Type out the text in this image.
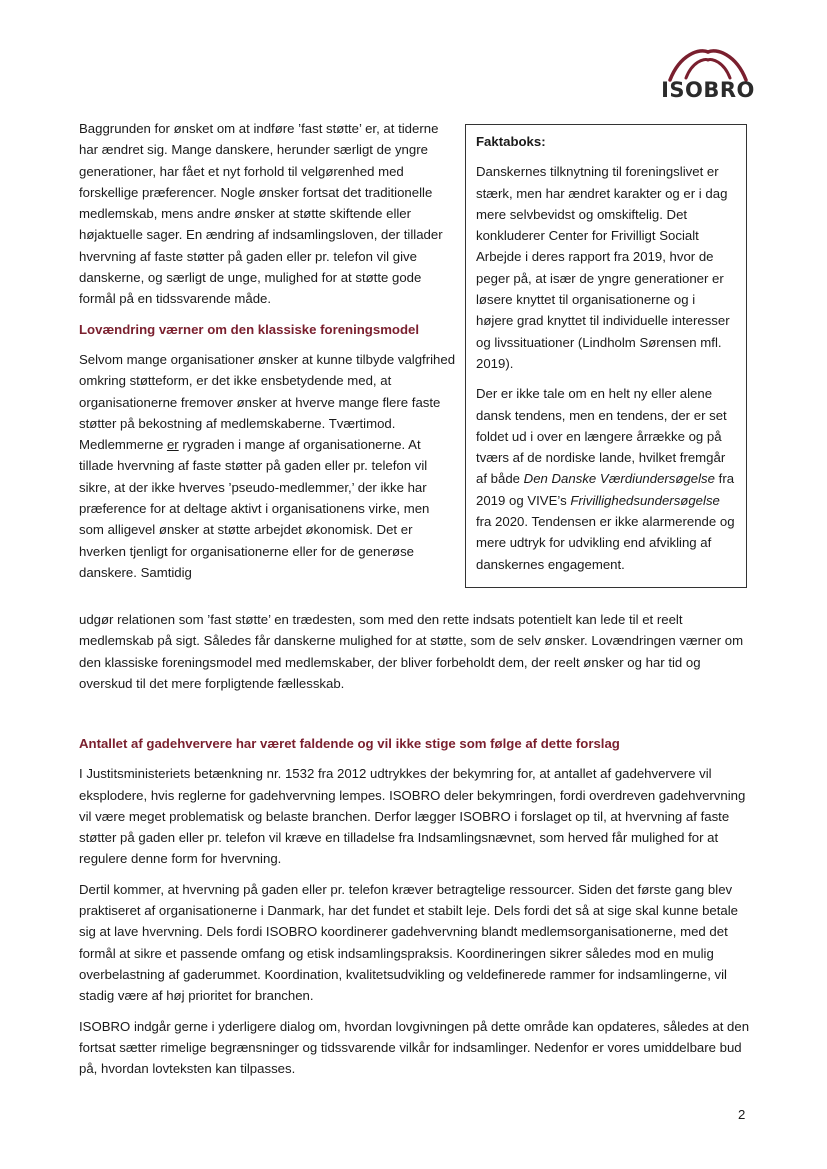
ISOBRO

Baggrunden for ønsket om at indføre ’fast støtte’ er, at tiderne har ændret sig. Mange danskere, herunder særligt de yngre generationer, har fået et nyt forhold til velgørenhed med forskellige præferencer. Nogle ønsker fortsat det traditionelle medlemskab, mens andre ønsker at støtte skiftende eller højaktuelle sager. En ændring af indsamlingsloven, der tillader hvervning af faste støtter på gaden eller pr. telefon vil give danskerne, og særligt de unge, mulighed for at støtte gode formål på en tidssvarende måde.

Lovændring værner om den klassiske foreningsmodel

Selvom mange organisationer ønsker at kunne tilbyde valgfrihed omkring støtteform, er det ikke ensbetydende med, at organisationerne fremover ønsker at hverve mange flere faste støtter på bekostning af medlemskaberne. Tværtimod. Medlemmerne er rygraden i mange af organisationerne. At tillade hvervning af faste støtter på gaden eller pr. telefon vil sikre, at der ikke hverves ’pseudo-medlemmer,’ der ikke har præference for at deltage aktivt i organisationens virke, men som alligevel ønsker at støtte arbejdet økonomisk. Det er hverken tjenligt for organisationerne eller for de generøse danskere. Samtidig

Faktaboks:

Danskernes tilknytning til foreningslivet er stærk, men har ændret karakter og er i dag mere selvbevidst og omskiftelig. Det konkluderer Center for Frivilligt Socialt Arbejde i deres rapport fra 2019, hvor de peger på, at især de yngre generationer er løsere knyttet til organisationerne og i højere grad knyttet til individuelle interesser og livssituationer (Lindholm Sørensen mfl. 2019).

Der er ikke tale om en helt ny eller alene dansk tendens, men en tendens, der er set foldet ud i over en længere årrække og på tværs af de nordiske lande, hvilket fremgår af både Den Danske Værdiundersøgelse fra 2019 og VIVE’s Frivillighedsundersøgelse fra 2020. Tendensen er ikke alarmerende og mere udtryk for udvikling end afvikling af danskernes engagement.

udgør relationen som ’fast støtte’ en trædesten, som med den rette indsats potentielt kan lede til et reelt medlemskab på sigt. Således får danskerne mulighed for at støtte, som de selv ønsker. Lovændringen værner om den klassiske foreningsmodel med medlemskaber, der bliver forbeholdt dem, der reelt ønsker og har tid og overskud til det mere forpligtende fællesskab.

Antallet af gadehververe har været faldende og vil ikke stige som følge af dette forslag

I Justitsministeriets betænkning nr. 1532 fra 2012 udtrykkes der bekymring for, at antallet af gadehververe vil eksplodere, hvis reglerne for gadehvervning lempes. ISOBRO deler bekymringen, fordi overdreven gadehvervning vil være meget problematisk og belaste branchen. Derfor lægger ISOBRO i forslaget op til, at hvervning af faste støtter på gaden eller pr. telefon vil kræve en tilladelse fra Indsamlingsnævnet, som herved får mulighed for at regulere denne form for hvervning.

Dertil kommer, at hvervning på gaden eller pr. telefon kræver betragtelige ressourcer. Siden det første gang blev praktiseret af organisationerne i Danmark, har det fundet et stabilt leje. Dels fordi det så at sige skal kunne betale sig at lave hvervning. Dels fordi ISOBRO koordinerer gadehvervning blandt medlemsorganisationerne, med det formål at sikre et passende omfang og etisk indsamlingspraksis. Koordineringen sikrer således mod en mulig overbelastning af gaderummet. Koordination, kvalitetsudvikling og veldefinerede rammer for indsamlingerne, vil stadig være af høj prioritet for branchen.

ISOBRO indgår gerne i yderligere dialog om, hvordan lovgivningen på dette område kan opdateres, således at den fortsat sætter rimelige begrænsninger og tidssvarende vilkår for indsamlinger. Nedenfor er vores umiddelbare bud på, hvordan lovteksten kan tilpasses.

2
